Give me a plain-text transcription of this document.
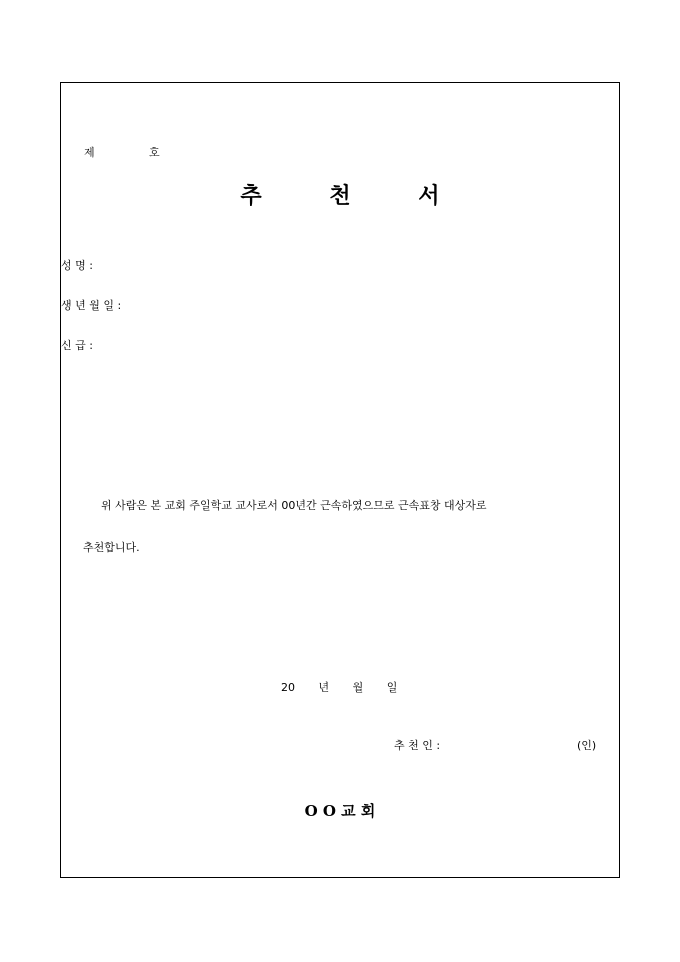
제	호
추	천	서
성 명 :
생 년 월 일 :
신 급 :
위 사람은 본 교회 주일학교 교사로서 00년간 근속하였으므로 근속표창 대상자로
추천합니다.
20 년 월 일
추 천 인 :	(인)
O O 교 회
